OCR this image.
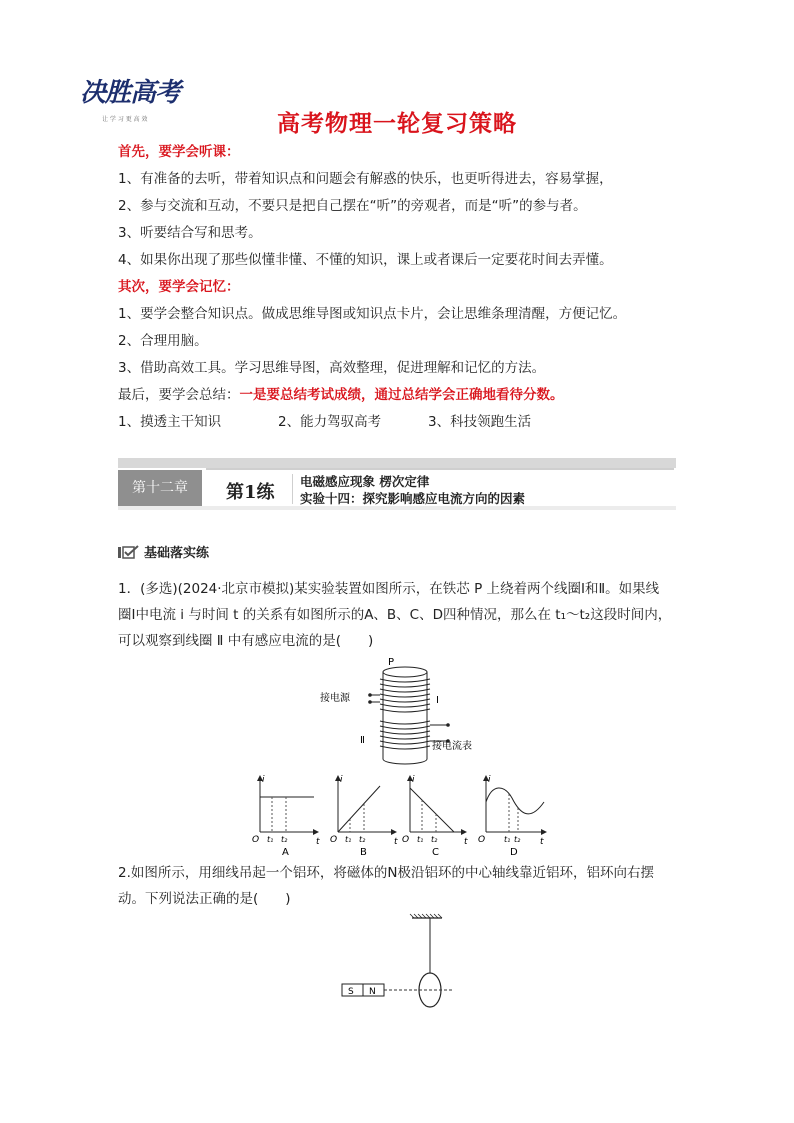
决胜高考
让 学 习 更 高 效	高考物理一轮复习策略
首先，要学会听课：
1、有准备的去听，带着知识点和问题会有解惑的快乐，也更听得进去，容易掌握，
2、参与交流和互动，不要只是把自己摆在“听”的旁观者，而是“听”的参与者。
3、听要结合写和思考。
4、如果你出现了那些似懂非懂、不懂的知识，课上或者课后一定要花时间去弄懂。
其次，要学会记忆：
1、要学会整合知识点。做成思维导图或知识点卡片，会让思维条理清醒，方便记忆。
2、合理用脑。
3、借助高效工具。学习思维导图，高效整理，促进理解和记忆的方法。
最后，要学会总结：一是要总结考试成绩，通过总结学会正确地看待分数。
1、摸透主干知识	2、能力驾驭高考	3、科技领跑生活
第十二章	第1练
电磁感应现象 楞次定律
实验十四：探究影响感应电流方向的因素
基础落实练
1．(多选)(2024·北京市模拟)某实验装置如图所示，在铁芯 P 上绕着两个线圈Ⅰ和Ⅱ。如果线
圈Ⅰ中电流 i 与时间 t 的关系有如图所示的A、B、C、D四种情况，那么在 t₁～t₂这段时间内，
可以观察到线圈 Ⅱ 中有感应电流的是(　　)
P
接电源	Ⅰ
Ⅱ
接电流表
i
t
O t₁ t₂
A
i
t
O t₁ t₂
B
i
t
O t₁ t₂
C
i
t
O t₁ t₂
D
2.如图所示，用细线吊起一个铝环，将磁体的N极沿铝环的中心轴线靠近铝环，铝环向右摆
动。下列说法正确的是(　　)
S N
